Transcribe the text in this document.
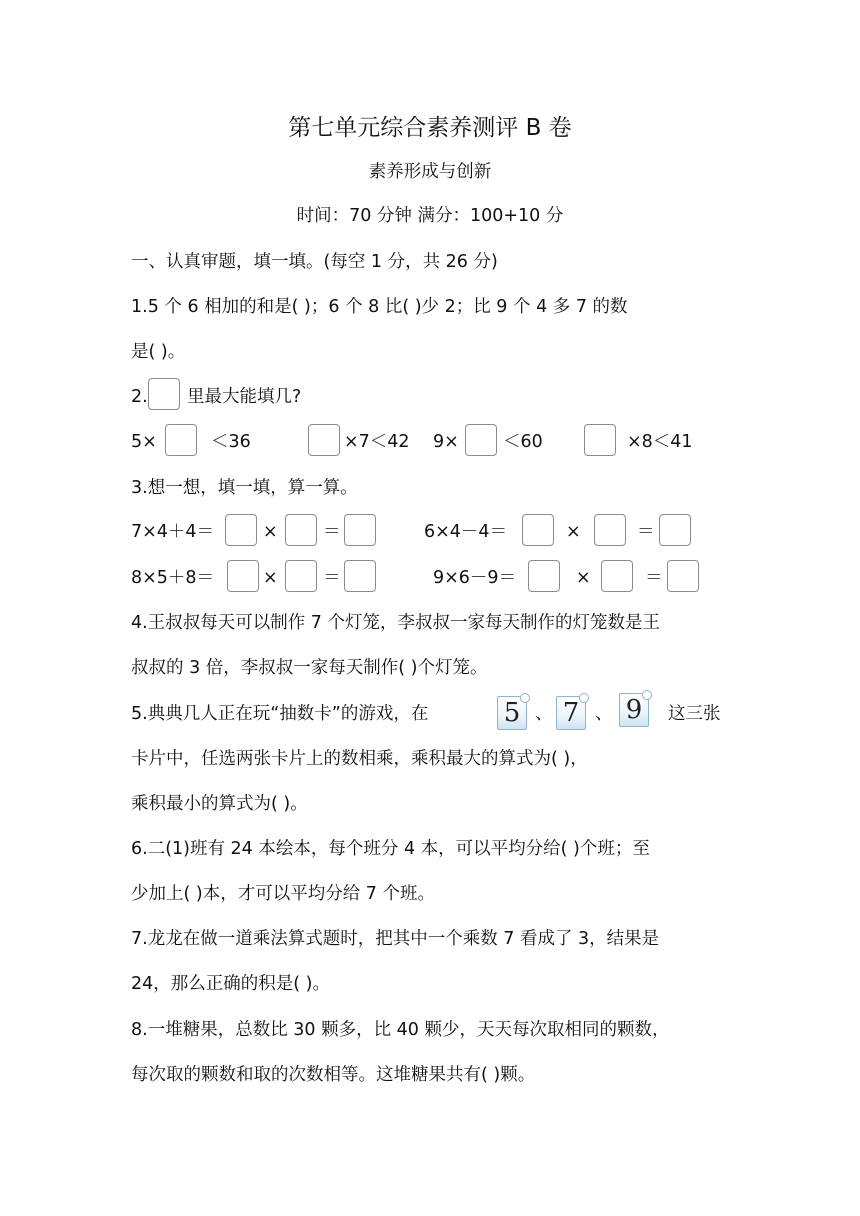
第七单元综合素养测评 B 卷
素养形成与创新
时间：70 分钟 满分：100+10 分
一、认真审题，填一填。(每空 1 分，共 26 分)
1.5 个 6 相加的和是( )；6 个 8 比( )少 2；比 9 个 4 多 7 的数
是( )。
2. 里最大能填几?
5×	＜36	×7＜42 9×	＜60	×8＜41
3.想一想，填一填，算一算。
7×4＋4＝	×	＝	6×4－4＝	×	＝
8×5＋8＝	×	＝	9×6－9＝	×	＝
4.王叔叔每天可以制作 7 个灯笼，李叔叔一家每天制作的灯笼数是王
叔叔的 3 倍，李叔叔一家每天制作( )个灯笼。
5.典典几人正在玩“抽数卡”的游戏，在	5 、 7 、 9	这三张
卡片中，任选两张卡片上的数相乘，乘积最大的算式为( )，
乘积最小的算式为( )。
6.二(1)班有 24 本绘本，每个班分 4 本，可以平均分给( )个班；至
少加上( )本，才可以平均分给 7 个班。
7.龙龙在做一道乘法算式题时，把其中一个乘数 7 看成了 3，结果是
24，那么正确的积是( )。
8.一堆糖果，总数比 30 颗多，比 40 颗少，天天每次取相同的颗数，
每次取的颗数和取的次数相等。这堆糖果共有( )颗。
